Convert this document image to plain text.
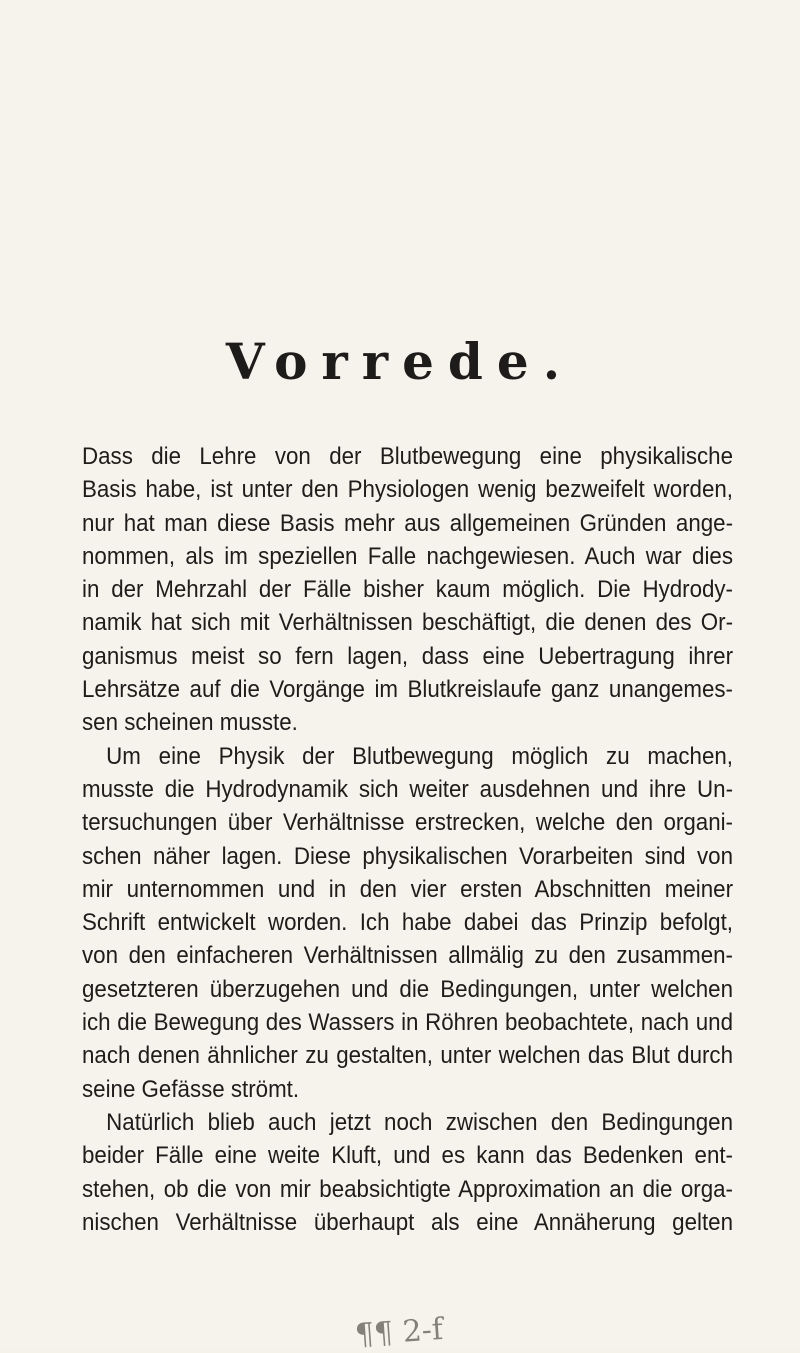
Vorrede.
Dass die Lehre von der Blutbewegung eine physikalische
Basis habe, ist unter den Physiologen wenig bezweifelt worden,
nur hat man diese Basis mehr aus allgemeinen Gründen ange-
nommen, als im speziellen Falle nachgewiesen. Auch war dies
in der Mehrzahl der Fälle bisher kaum möglich. Die Hydrody-
namik hat sich mit Verhältnissen beschäftigt, die denen des Or-
ganismus meist so fern lagen, dass eine Uebertragung ihrer
Lehrsätze auf die Vorgänge im Blutkreislaufe ganz unangemes-
sen scheinen musste.
Um eine Physik der Blutbewegung möglich zu machen,
musste die Hydrodynamik sich weiter ausdehnen und ihre Un-
tersuchungen über Verhältnisse erstrecken, welche den organi-
schen näher lagen. Diese physikalischen Vorarbeiten sind von
mir unternommen und in den vier ersten Abschnitten meiner
Schrift entwickelt worden. Ich habe dabei das Prinzip befolgt,
von den einfacheren Verhältnissen allmälig zu den zusammen-
gesetzteren überzugehen und die Bedingungen, unter welchen
ich die Bewegung des Wassers in Röhren beobachtete, nach und
nach denen ähnlicher zu gestalten, unter welchen das Blut durch
seine Gefässe strömt.
Natürlich blieb auch jetzt noch zwischen den Bedingungen
beider Fälle eine weite Kluft, und es kann das Bedenken ent-
stehen, ob die von mir beabsichtigte Approximation an die orga-
nischen Verhältnisse überhaupt als eine Annäherung gelten
¶¶ 2-f
